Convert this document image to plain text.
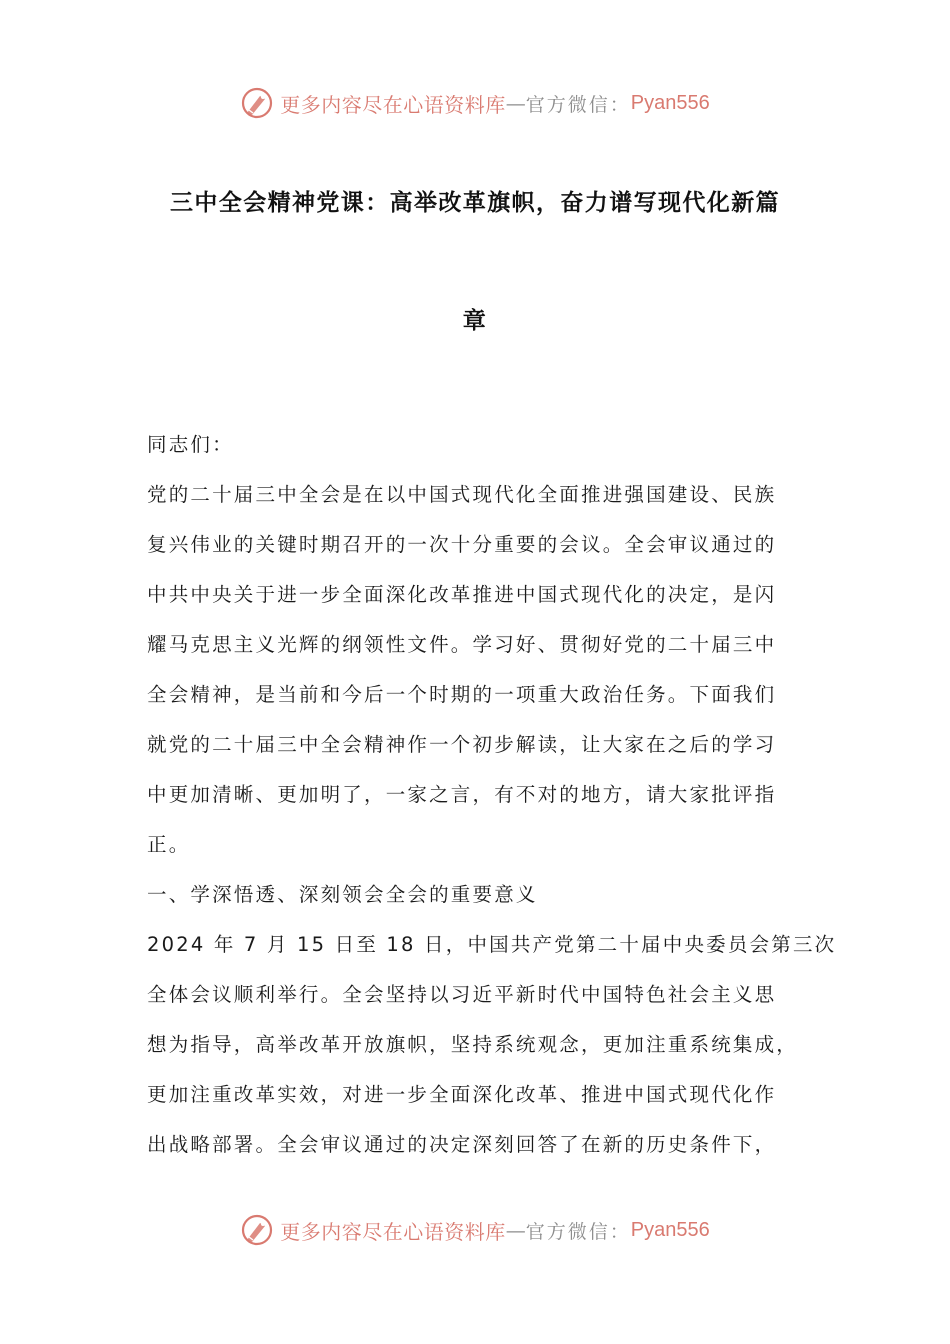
更多内容尽在心语资料库 — 官方微信： Pyan556
三中全会精神党课：高举改革旗帜，奋力谱写现代化新篇
章

同志们：

党的二十届三中全会是在以中国式现代化全面推进强国建设、民族
复兴伟业的关键时期召开的一次十分重要的会议。全会审议通过的
中共中央关于进一步全面深化改革推进中国式现代化的决定，是闪
耀马克思主义光辉的纲领性文件。学习好、贯彻好党的二十届三中
全会精神，是当前和今后一个时期的一项重大政治任务。下面我们
就党的二十届三中全会精神作一个初步解读，让大家在之后的学习
中更加清晰、更加明了，一家之言，有不对的地方，请大家批评指
正。

一、学深悟透、深刻领会全会的重要意义

2024 年 7 月 15 日至 18 日，中国共产党第二十届中央委员会第三次
全体会议顺利举行。全会坚持以习近平新时代中国特色社会主义思
想为指导，高举改革开放旗帜，坚持系统观念，更加注重系统集成，
更加注重改革实效，对进一步全面深化改革、推进中国式现代化作
出战略部署。全会审议通过的决定深刻回答了在新的历史条件下，

更多内容尽在心语资料库 — 官方微信： Pyan556
